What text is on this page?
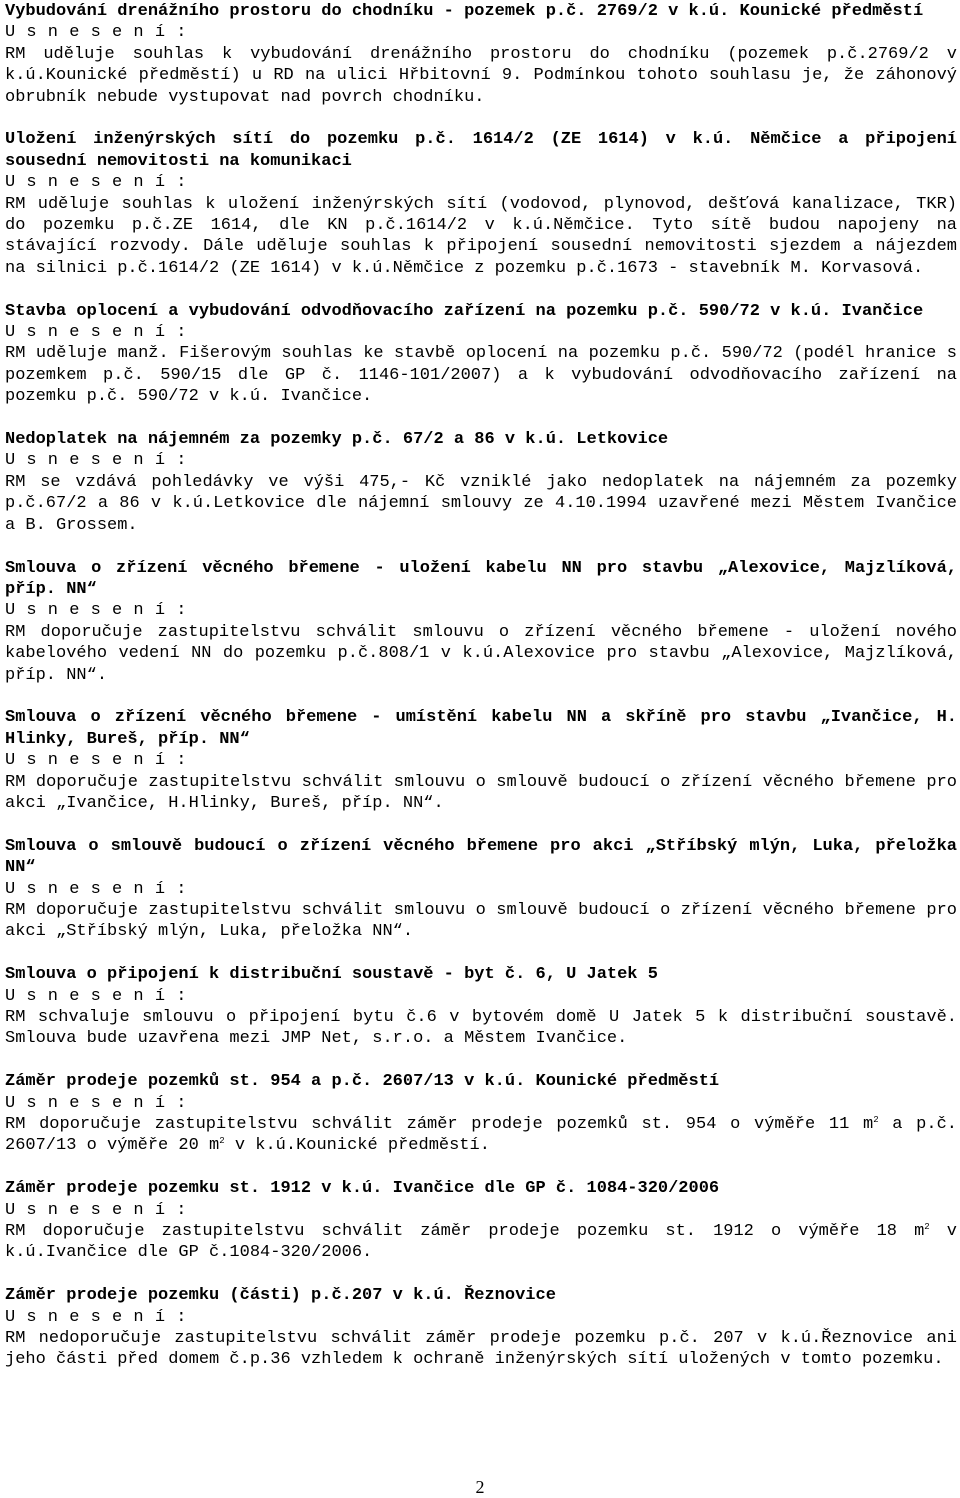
Vybudování drenážního prostoru do chodníku - pozemek p.č. 2769/2 v k.ú. Kounické předměstí
U s n e s e n í :
RM uděluje souhlas k vybudování drenážního prostoru do chodníku (pozemek p.č.2769/2 v k.ú.Kounické předměstí) u RD na ulici Hřbitovní 9. Podmínkou tohoto souhlasu je, že záhonový obrubník nebude vystupovat nad povrch chodníku.
Uložení inženýrských sítí do pozemku p.č. 1614/2 (ZE 1614) v k.ú. Němčice a připojení sousední nemovitosti na komunikaci
U s n e s e n í :
RM uděluje souhlas k uložení inženýrských sítí (vodovod, plynovod, dešťová kanalizace, TKR) do pozemku p.č.ZE 1614, dle KN p.č.1614/2 v k.ú.Němčice. Tyto sítě budou napojeny na stávající rozvody. Dále uděluje souhlas k připojení sousední nemovitosti sjezdem a nájezdem na silnici p.č.1614/2 (ZE 1614) v k.ú.Němčice z pozemku p.č.1673 - stavebník M. Korvasová.
Stavba oplocení a vybudování odvodňovacího zařízení na pozemku p.č. 590/72 v k.ú. Ivančice
U s n e s e n í :
RM uděluje manž. Fišerovým souhlas ke stavbě oplocení na pozemku p.č. 590/72 (podél hranice s pozemkem p.č. 590/15 dle GP č. 1146-101/2007) a k vybudování odvodňovacího zařízení na pozemku p.č. 590/72 v k.ú. Ivančice.
Nedoplatek na nájemném za pozemky p.č. 67/2 a 86 v k.ú. Letkovice
U s n e s e n í :
RM se vzdává pohledávky ve výši 475,- Kč vzniklé jako nedoplatek na nájemném za pozemky p.č.67/2 a 86 v k.ú.Letkovice dle nájemní smlouvy ze 4.10.1994 uzavřené mezi Městem Ivančice a B. Grossem.
Smlouva o zřízení věcného břemene - uložení kabelu NN pro stavbu „Alexovice, Majzlíková, příp. NN“
U s n e s e n í :
RM doporučuje zastupitelstvu schválit smlouvu o zřízení věcného břemene - uložení nového kabelového vedení NN do pozemku p.č.808/1 v k.ú.Alexovice pro stavbu „Alexovice, Majzlíková, příp. NN“.
Smlouva o zřízení věcného břemene - umístění kabelu NN a skříně pro stavbu „Ivančice, H. Hlinky, Bureš, příp. NN“
U s n e s e n í :
RM doporučuje zastupitelstvu schválit smlouvu o smlouvě budoucí o zřízení věcného břemene pro akci „Ivančice, H.Hlinky, Bureš, příp. NN“.
Smlouva o smlouvě budoucí o zřízení věcného břemene pro akci „Stříbský mlýn, Luka, přeložka NN“
U s n e s e n í :
RM doporučuje zastupitelstvu schválit smlouvu o smlouvě budoucí o zřízení věcného břemene pro akci „Stříbský mlýn, Luka, přeložka NN“.
Smlouva o připojení k distribuční soustavě - byt č. 6, U Jatek 5
U s n e s e n í :
RM schvaluje smlouvu o připojení bytu č.6 v bytovém domě U Jatek 5 k distribuční soustavě. Smlouva bude uzavřena mezi JMP Net, s.r.o. a Městem Ivančice.
Záměr prodeje pozemků st. 954 a p.č. 2607/13 v k.ú. Kounické předměstí
U s n e s e n í :
RM doporučuje zastupitelstvu schválit záměr prodeje pozemků st. 954 o výměře 11 $m^2$ a p.č. 2607/13 o výměře 20 $m^2$ v k.ú.Kounické předměstí.
Záměr prodeje pozemku st. 1912 v k.ú. Ivančice dle GP č. 1084-320/2006
U s n e s e n í :
RM doporučuje zastupitelstvu schválit záměr prodeje pozemku st. 1912 o výměře 18 $m^2$ v k.ú.Ivančice dle GP č.1084-320/2006.
Záměr prodeje pozemku (části) p.č.207 v k.ú. Řeznovice
U s n e s e n í :
RM nedoporučuje zastupitelstvu schválit záměr prodeje pozemku p.č. 207 v k.ú.Řeznovice ani jeho části před domem č.p.36 vzhledem k ochraně inženýrských sítí uložených v tomto pozemku.
2
